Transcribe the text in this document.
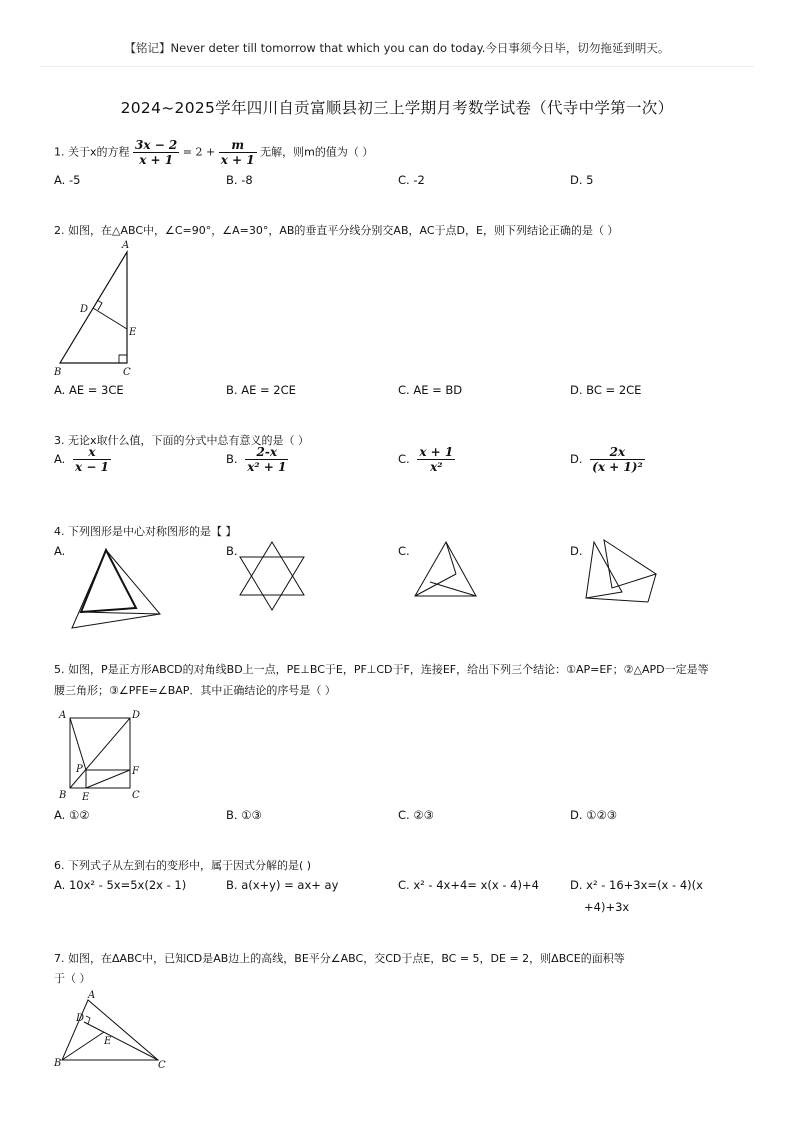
【铭记】Never deter till tomorrow that which you can do today.今日事须今日毕，切勿拖延到明天。
2024~2025学年四川自贡富顺县初三上学期月考数学试卷（代寺中学第一次）
1. 关于x的方程 $\frac{3x - 2}{x + 1} = 2 + \frac{m}{x + 1}$ 无解，则m的值为（ ）
A. -5	B. -8	C. -2	D. 5
2. 如图，在△ABC中，∠C=90°，∠A=30°，AB的垂直平分线分别交AB，AC于点D，E，则下列结论正确的是（ ）
A
D
E
B	C
A. AE = 3CE	B. AE = 2CE	C. AE = BD	D. BC = 2CE
3. 无论x取什么值，下面的分式中总有意义的是（ ）
A. $\frac{x}{x - 1}$	B. $\frac{2-x}{\text{x² + 1}}$	C. $\frac{x + 1}{\text{x²}}$	D. $\frac{2x}{\text{(x + 1)²}}$
4. 下列图形是中心对称图形的是【 】
A.	B.	C.	D.
5. 如图，P是正方形ABCD的对角线BD上一点，PE⊥BC于E，PF⊥CD于F，连接EF，给出下列三个结论：①AP=EF；②△APD一定是等
腰三角形；③∠PFE=∠BAP．其中正确结论的序号是（ ）
A	D
P	F
B E	C
A. ①②	B. ①③	C. ②③	D. ①②③
6. 下列式子从左到右的变形中，属于因式分解的是( )
A. 10x² - 5x=5x(2x - 1)	B. a(x+y) = ax+ ay	C. x² - 4x+4= x(x - 4)+4	D. x² - 16+3x=(x - 4)(x
+4)+3x
7. 如图，在ΔABC中，已知CD是AB边上的高线，BE平分∠ABC，交CD于点E，BC = 5，DE = 2，则ΔBCE的面积等
于（ ）
A
D
E
B	C
